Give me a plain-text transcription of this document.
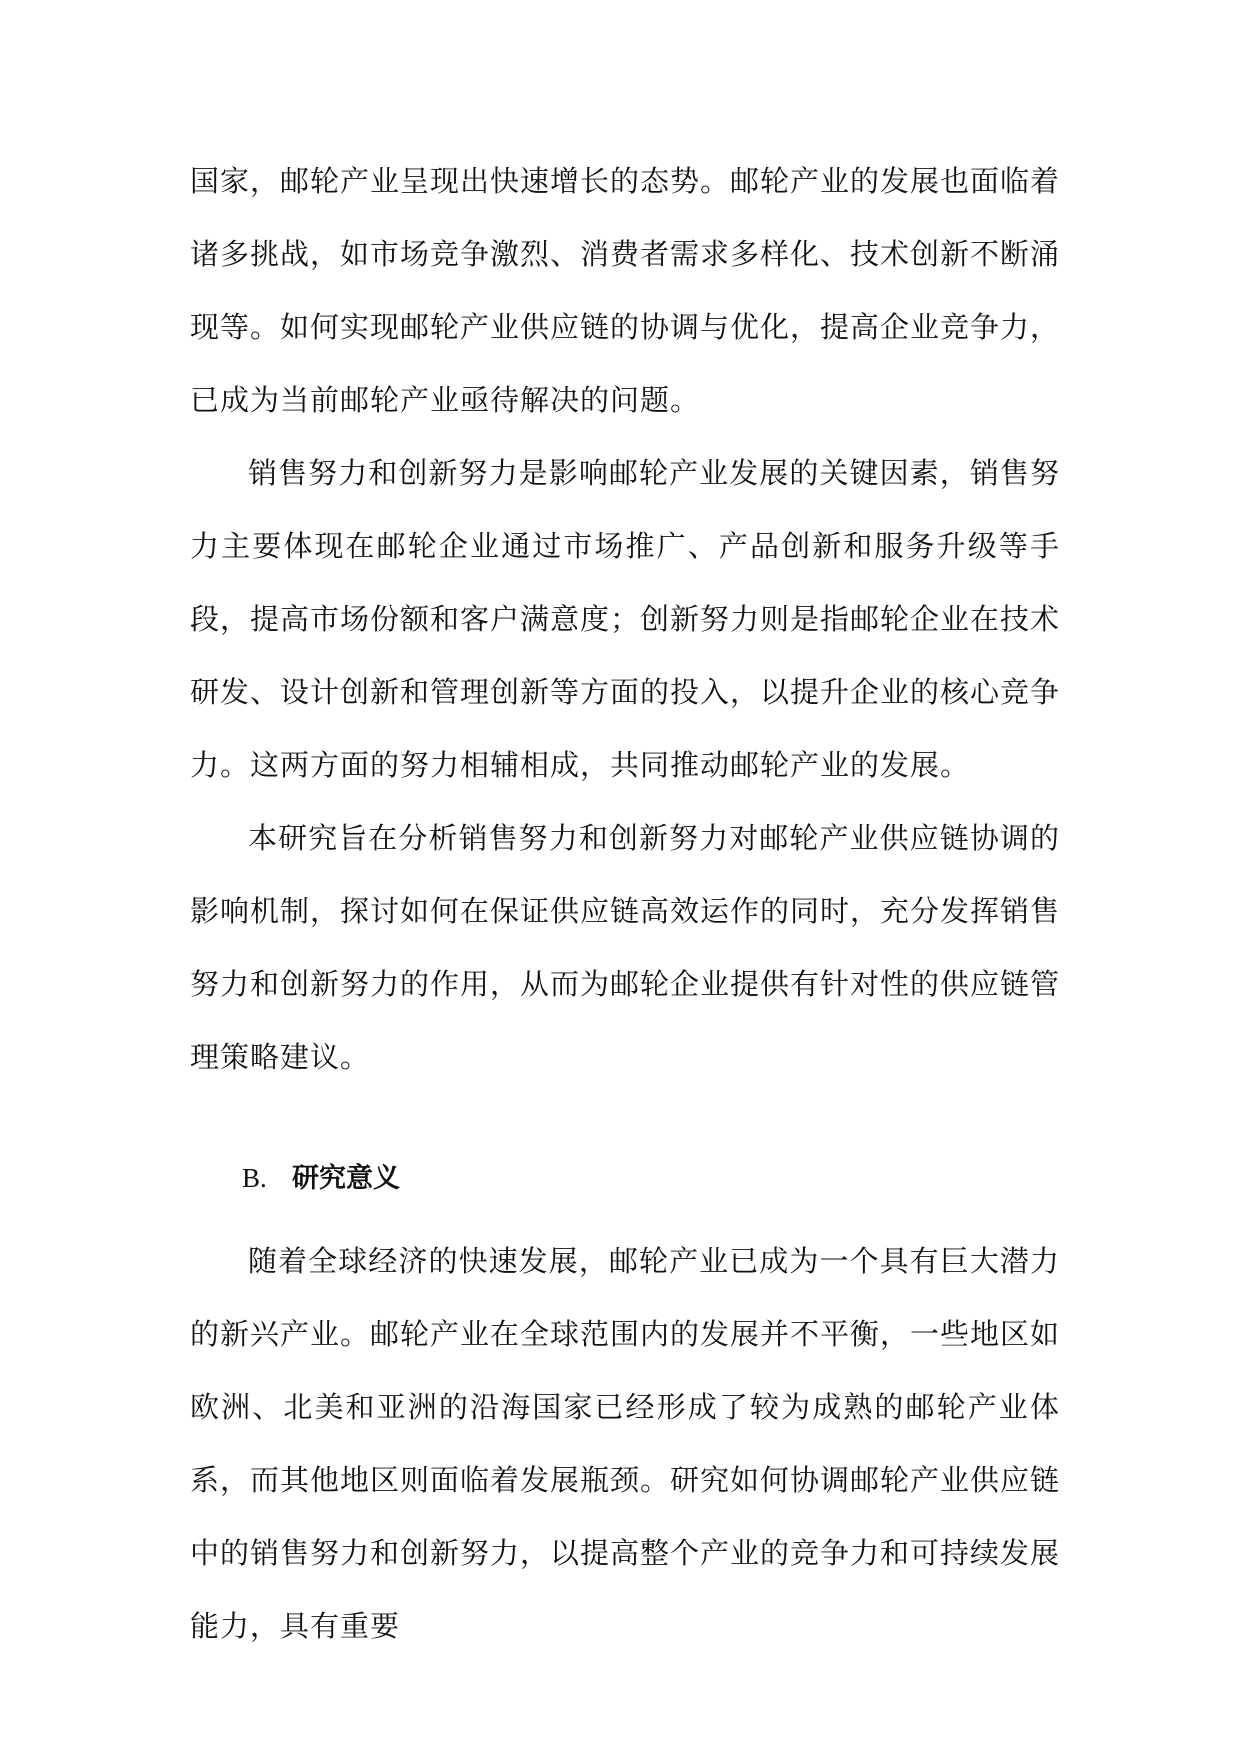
国家，邮轮产业呈现出快速增长的态势。邮轮产业的发展也面临着诸多挑战，如市场竞争激烈、消费者需求多样化、技术创新不断涌现等。如何实现邮轮产业供应链的协调与优化，提高企业竞争力，已成为当前邮轮产业亟待解决的问题。

销售努力和创新努力是影响邮轮产业发展的关键因素，销售努力主要体现在邮轮企业通过市场推广、产品创新和服务升级等手段，提高市场份额和客户满意度；创新努力则是指邮轮企业在技术研发、设计创新和管理创新等方面的投入，以提升企业的核心竞争力。这两方面的努力相辅相成，共同推动邮轮产业的发展。

本研究旨在分析销售努力和创新努力对邮轮产业供应链协调的影响机制，探讨如何在保证供应链高效运作的同时，充分发挥销售努力和创新努力的作用，从而为邮轮企业提供有针对性的供应链管理策略建议。

B. 研究意义

随着全球经济的快速发展，邮轮产业已成为一个具有巨大潜力的新兴产业。邮轮产业在全球范围内的发展并不平衡，一些地区如欧洲、北美和亚洲的沿海国家已经形成了较为成熟的邮轮产业体系，而其他地区则面临着发展瓶颈。研究如何协调邮轮产业供应链中的销售努力和创新努力，以提高整个产业的竞争力和可持续发展能力，具有重要
